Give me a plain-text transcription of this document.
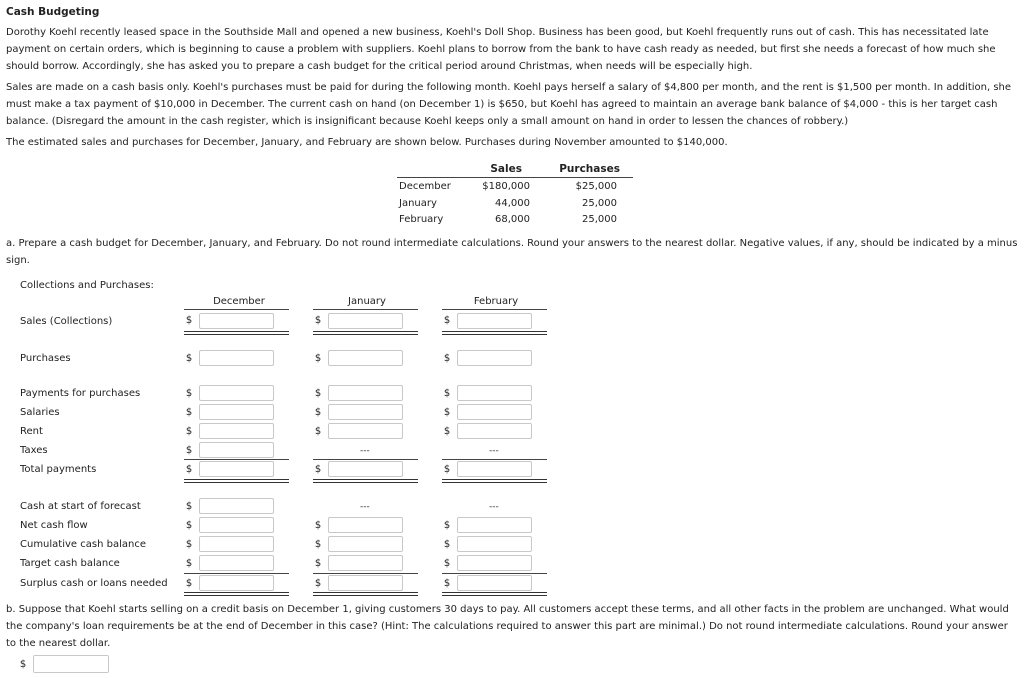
Cash Budgeting
Dorothy Koehl recently leased space in the Southside Mall and opened a new business, Koehl's Doll Shop. Business has been good, but Koehl frequently runs out of cash. This has necessitated late payment on certain orders, which is beginning to cause a problem with suppliers. Koehl plans to borrow from the bank to have cash ready as needed, but first she needs a forecast of how much she should borrow. Accordingly, she has asked you to prepare a cash budget for the critical period around Christmas, when needs will be especially high.
Sales are made on a cash basis only. Koehl's purchases must be paid for during the following month. Koehl pays herself a salary of $4,800 per month, and the rent is $1,500 per month. In addition, she must make a tax payment of $10,000 in December. The current cash on hand (on December 1) is $650, but Koehl has agreed to maintain an average bank balance of $4,000 - this is her target cash balance. (Disregard the amount in the cash register, which is insignificant because Koehl keeps only a small amount on hand in order to lessen the chances of robbery.)
The estimated sales and purchases for December, January, and February are shown below. Purchases during November amounted to $140,000.
Sales	Purchases
December	$180,000	$25,000
January	44,000	25,000
February	68,000	25,000
a. Prepare a cash budget for December, January, and February. Do not round intermediate calculations. Round your answers to the nearest dollar. Negative values, if any, should be indicated by a minus sign.
Collections and Purchases:
December	January	February
Sales (Collections)	$	$	$
Purchases	$	$	$
Payments for purchases	$	$	$
Salaries	$	$	$
Rent	$	$	$
Taxes	$	---	---
Total payments	$	$	$
Cash at start of forecast	$	---	---
Net cash flow	$	$	$
Cumulative cash balance	$	$	$
Target cash balance	$	$	$
Surplus cash or loans needed $	$	$
b. Suppose that Koehl starts selling on a credit basis on December 1, giving customers 30 days to pay. All customers accept these terms, and all other facts in the problem are unchanged. What would the company's loan requirements be at the end of December in this case? (Hint: The calculations required to answer this part are minimal.) Do not round intermediate calculations. Round your answer to the nearest dollar.
$
